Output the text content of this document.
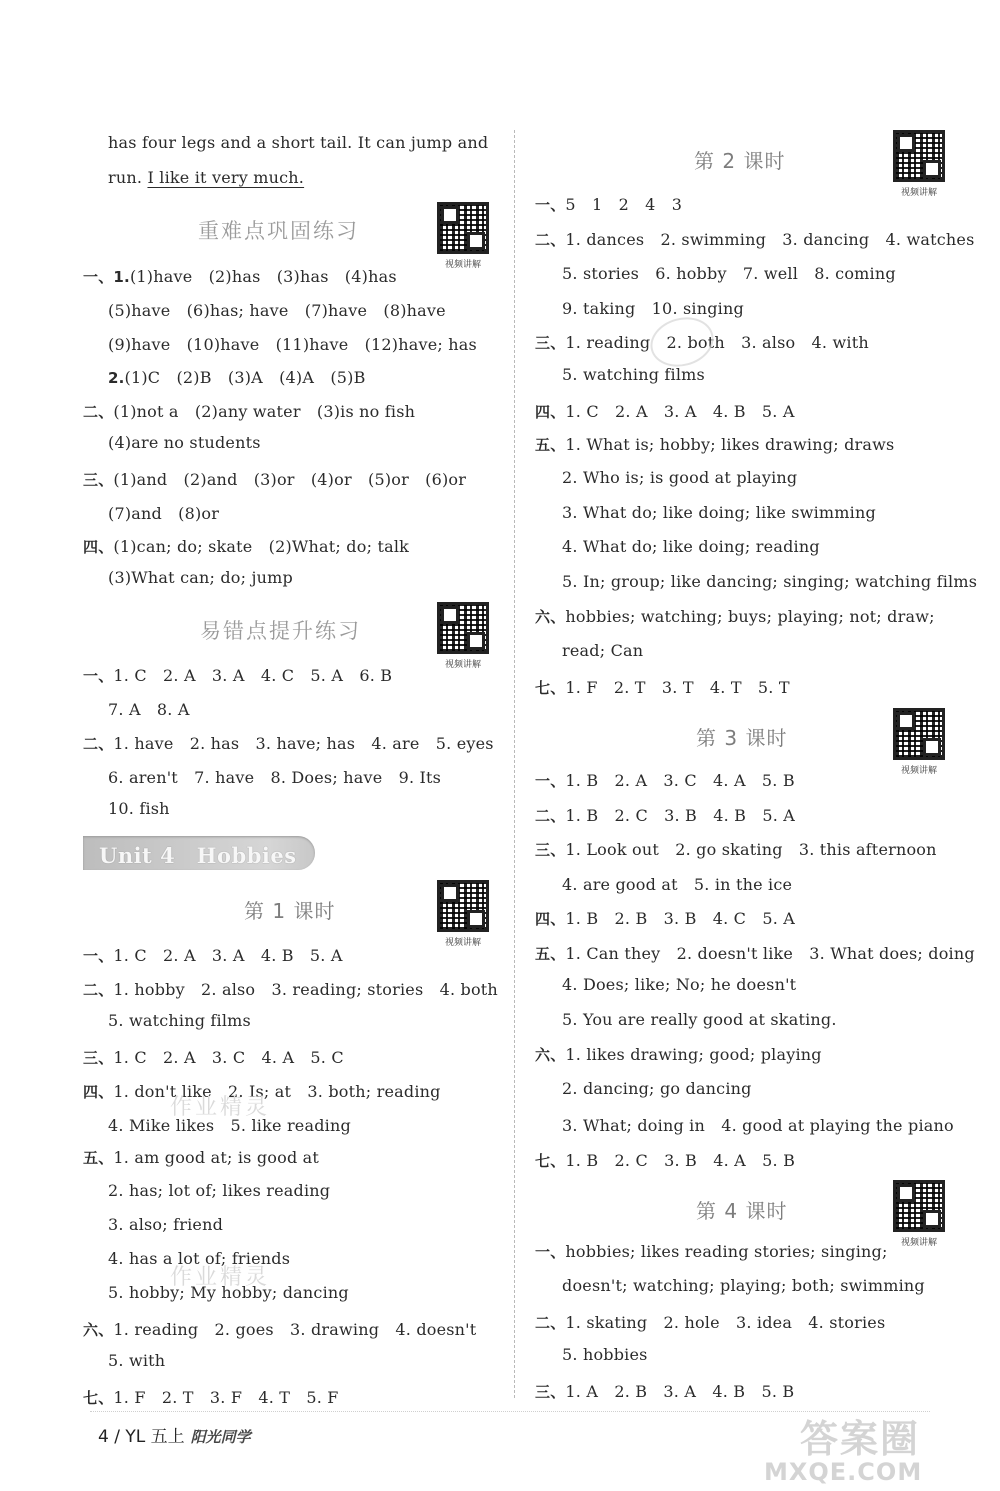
has four legs and a short tail. It can jump and
run. I like it very much.
重难点巩固练习
视频讲解
一、1.(1)have　(2)has　(3)has　(4)has
(5)have　(6)has; have　(7)have　(8)have
(9)have　(10)have　(11)have　(12)have; has
2.(1)C　(2)B　(3)A　(4)A　(5)B
二、(1)not a　(2)any water　(3)is no fish
(4)are no students
三、(1)and　(2)and　(3)or　(4)or　(5)or　(6)or
(7)and　(8)or
四、(1)can; do; skate　(2)What; do; talk
(3)What can; do; jump
易错点提升练习
视频讲解
一、1. C　2. A　3. A　4. C　5. A　6. B
7. A　8. A
二、1. have　2. has　3. have; has　4. are　5. eyes
6. aren't　7. have　8. Does; have　9. Its
10. fish
Unit 4　Hobbies
第 1 课时
视频讲解
一、1. C　2. A　3. A　4. B　5. A
二、1. hobby　2. also　3. reading; stories　4. both
5. watching films
三、1. C　2. A　3. C　4. A　5. C
四、1. don't like　2. Is; at　3. both; reading
4. Mike likes　5. like reading
五、1. am good at; is good at
2. has; lot of; likes reading
3. also; friend
4. has a lot of; friends
5. hobby; My hobby; dancing
六、1. reading　2. goes　3. drawing　4. doesn't
5. with
七、1. F　2. T　3. F　4. T　5. F
作业精灵
作业精灵
第 2 课时
视频讲解
一、5　1　2　4　3
二、1. dances　2. swimming　3. dancing　4. watches
5. stories　6. hobby　7. well　8. coming
9. taking　10. singing
三、1. reading　2. both　3. also　4. with
5. watching films
四、1. C　2. A　3. A　4. B　5. A
五、1. What is; hobby; likes drawing; draws
2. Who is; is good at playing
3. What do; like doing; like swimming
4. What do; like doing; reading
5. In; group; like dancing; singing; watching films
六、hobbies; watching; buys; playing; not; draw;
read; Can
七、1. F　2. T　3. T　4. T　5. T
第 3 课时
视频讲解
一、1. B　2. A　3. C　4. A　5. B
二、1. B　2. C　3. B　4. B　5. A
三、1. Look out　2. go skating　3. this afternoon
4. are good at　5. in the ice
四、1. B　2. B　3. B　4. C　5. A
五、1. Can they　2. doesn't like　3. What does; doing
4. Does; like; No; he doesn't
5. You are really good at skating.
六、1. likes drawing; good; playing
2. dancing; go dancing
3. What; doing in　4. good at playing the piano
七、1. B　2. C　3. B　4. A　5. B
第 4 课时
视频讲解
一、hobbies; likes reading stories; singing;
doesn't; watching; playing; both; swimming
二、1. skating　2. hole　3. idea　4. stories
5. hobbies
三、1. A　2. B　3. A　4. B　5. B
4 / YL 五上 阳光同学	答案圈
MXQE.COM
